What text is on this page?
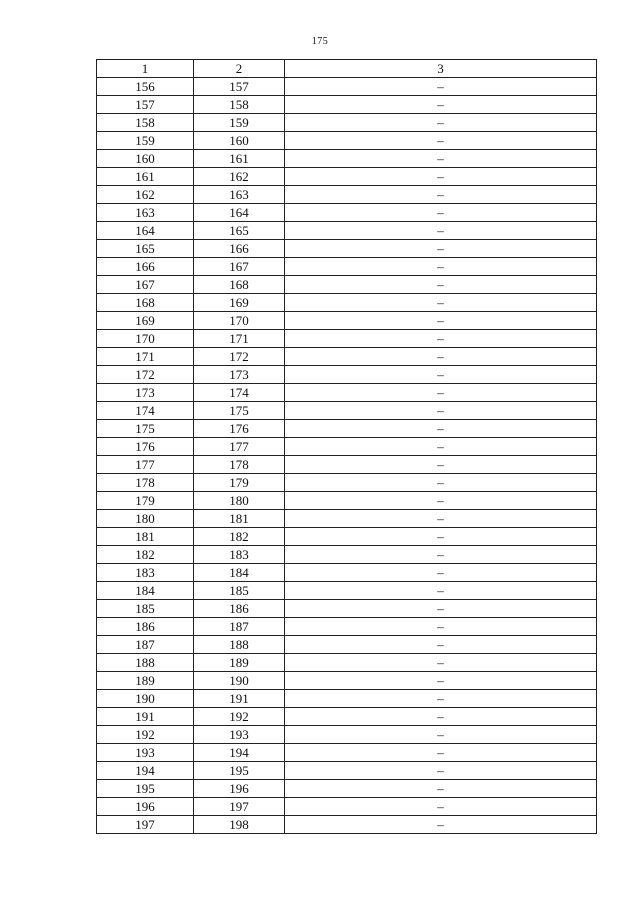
175
1	2	3
156	157	–
157	158	–
158	159	–
159	160	–
160	161	–
161	162	–
162	163	–
163	164	–
164	165	–
165	166	–
166	167	–
167	168	–
168	169	–
169	170	–
170	171	–
171	172	–
172	173	–
173	174	–
174	175	–
175	176	–
176	177	–
177	178	–
178	179	–
179	180	–
180	181	–
181	182	–
182	183	–
183	184	–
184	185	–
185	186	–
186	187	–
187	188	–
188	189	–
189	190	–
190	191	–
191	192	–
192	193	–
193	194	–
194	195	–
195	196	–
196	197	–
197	198	–
